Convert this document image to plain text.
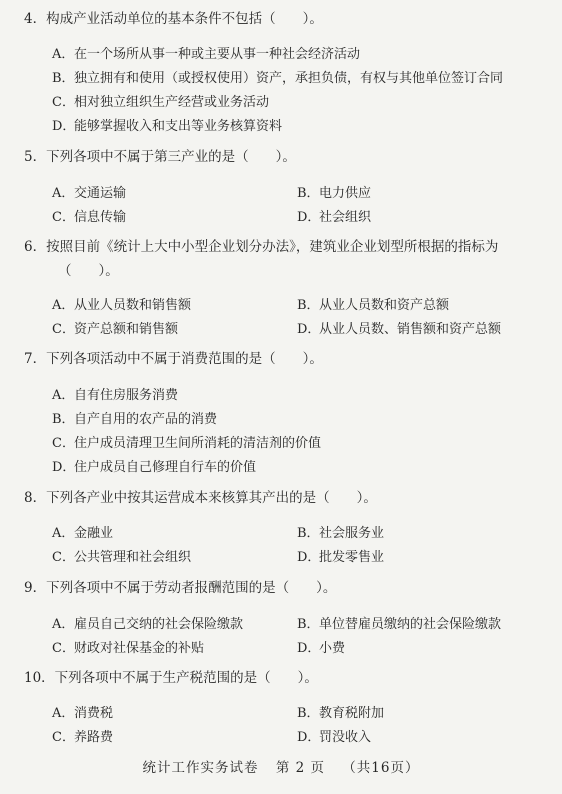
4．构成产业活动单位的基本条件不包括（　　）。
A．在一个场所从事一种或主要从事一种社会经济活动
B．独立拥有和使用（或授权使用）资产，承担负债，有权与其他单位签订合同
C．相对独立组织生产经营或业务活动
D．能够掌握收入和支出等业务核算资料
5．下列各项中不属于第三产业的是（　　）。
A．交通运输	B．电力供应
C．信息传输	D．社会组织
6．按照目前《统计上大中小型企业划分办法》，建筑业企业划型所根据的指标为
（　　）。
A．从业人员数和销售额	B．从业人员数和资产总额
C．资产总额和销售额	D．从业人员数、销售额和资产总额
7．下列各项活动中不属于消费范围的是（　　）。
A．自有住房服务消费
B．自产自用的农产品的消费
C．住户成员清理卫生间所消耗的清洁剂的价值
D．住户成员自己修理自行车的价值
8．下列各产业中按其运营成本来核算其产出的是（　　）。
A．金融业	B．社会服务业
C．公共管理和社会组织	D．批发零售业
9．下列各项中不属于劳动者报酬范围的是（　　）。
A．雇员自己交纳的社会保险缴款	B．单位替雇员缴纳的社会保险缴款
C．财政对社保基金的补贴	D．小费
10．下列各项中不属于生产税范围的是（　　）。
A．消费税	B．教育税附加
C．养路费	D．罚没收入
统计工作实务试卷 第 2 页 （共16页）
